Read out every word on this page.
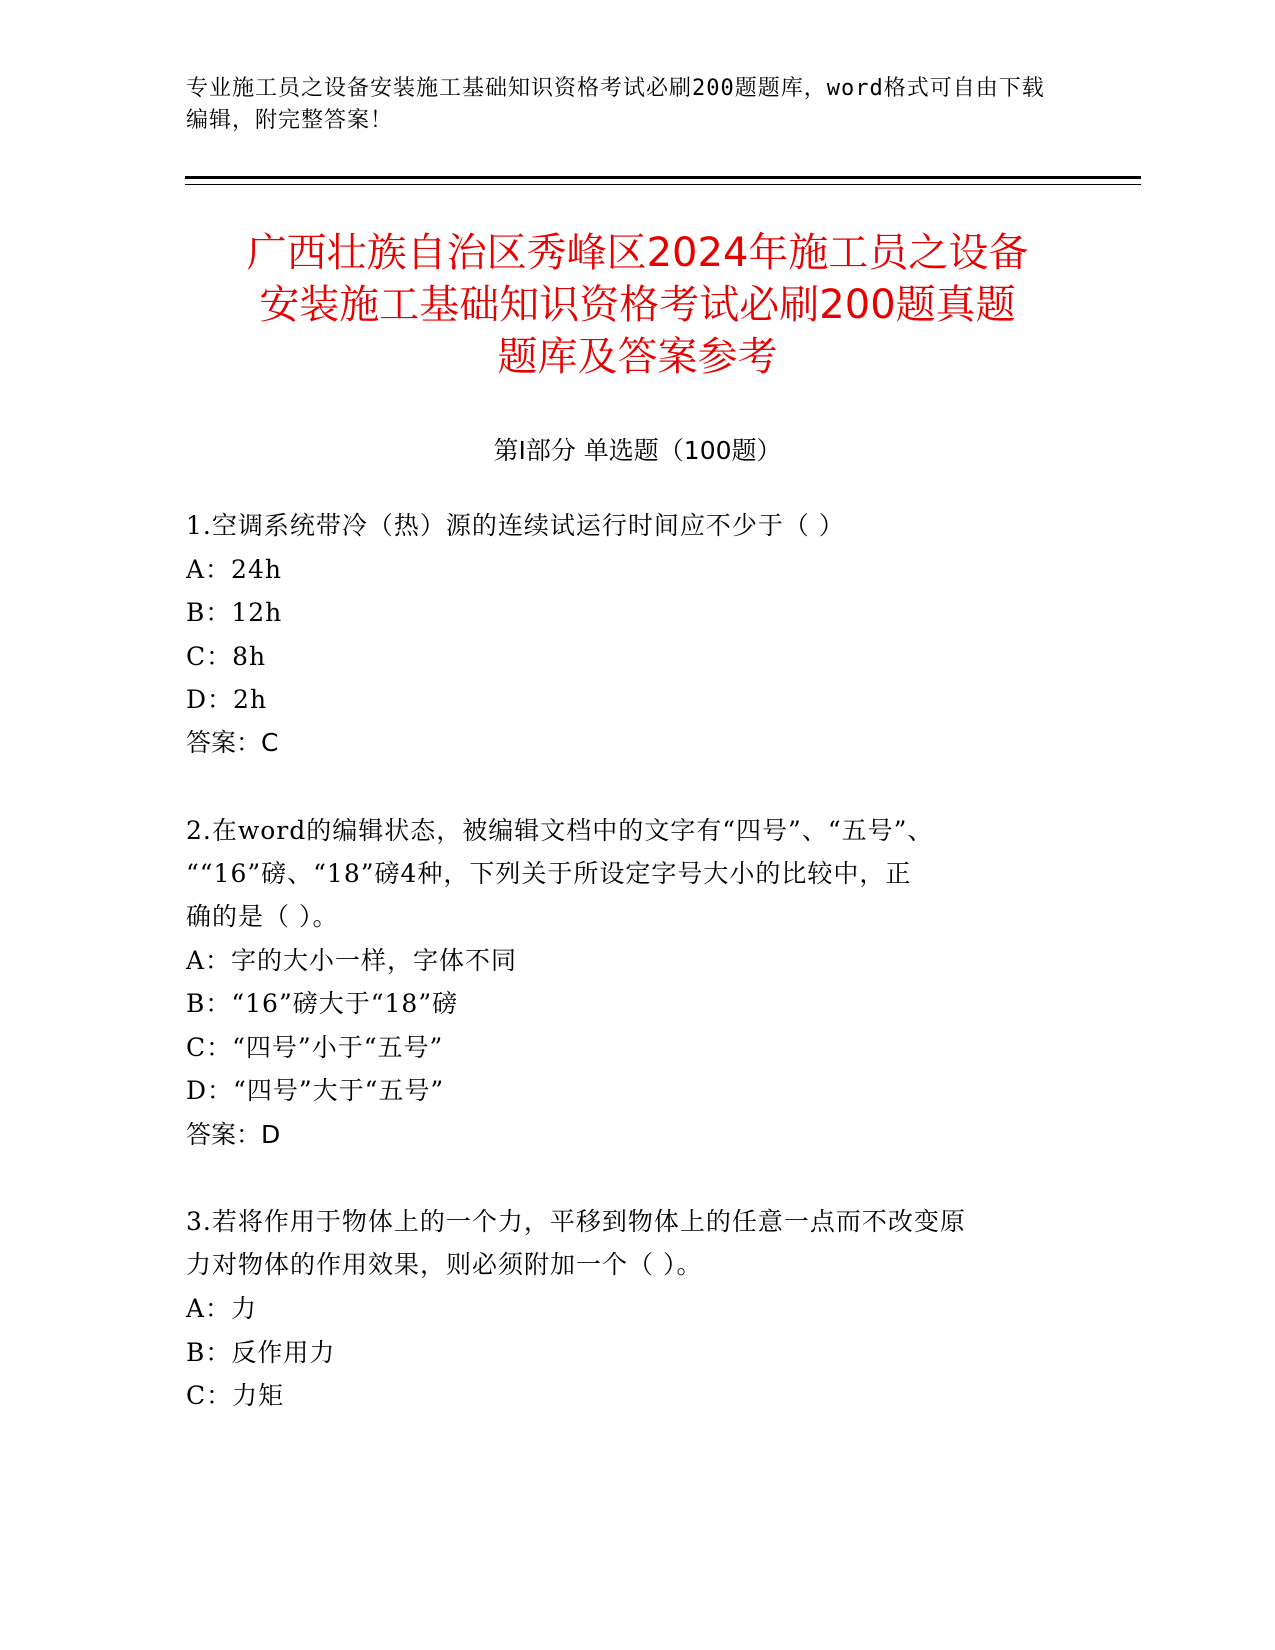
专业施工员之设备安装施工基础知识资格考试必刷200题题库，word格式可自由下载编辑，附完整答案！
广西壮族自治区秀峰区2024年施工员之设备
安装施工基础知识资格考试必刷200题真题
题库及答案参考
第Ⅰ部分 单选题（100题）
1.空调系统带冷（热）源的连续试运行时间应不少于（ ）
A：24h
B：12h
C：8h
D：2h
答案：C
2.在word的编辑状态，被编辑文档中的文字有“四号”、“五号”、
““16”磅、“18”磅4种，下列关于所设定字号大小的比较中，正
确的是（ ）。
A：字的大小一样，字体不同
B：“16”磅大于“18”磅
C：“四号”小于“五号”
D：“四号”大于“五号”
答案：D
3.若将作用于物体上的一个力，平移到物体上的任意一点而不改变原
力对物体的作用效果，则必须附加一个（ ）。
A：力
B：反作用力
C：力矩
